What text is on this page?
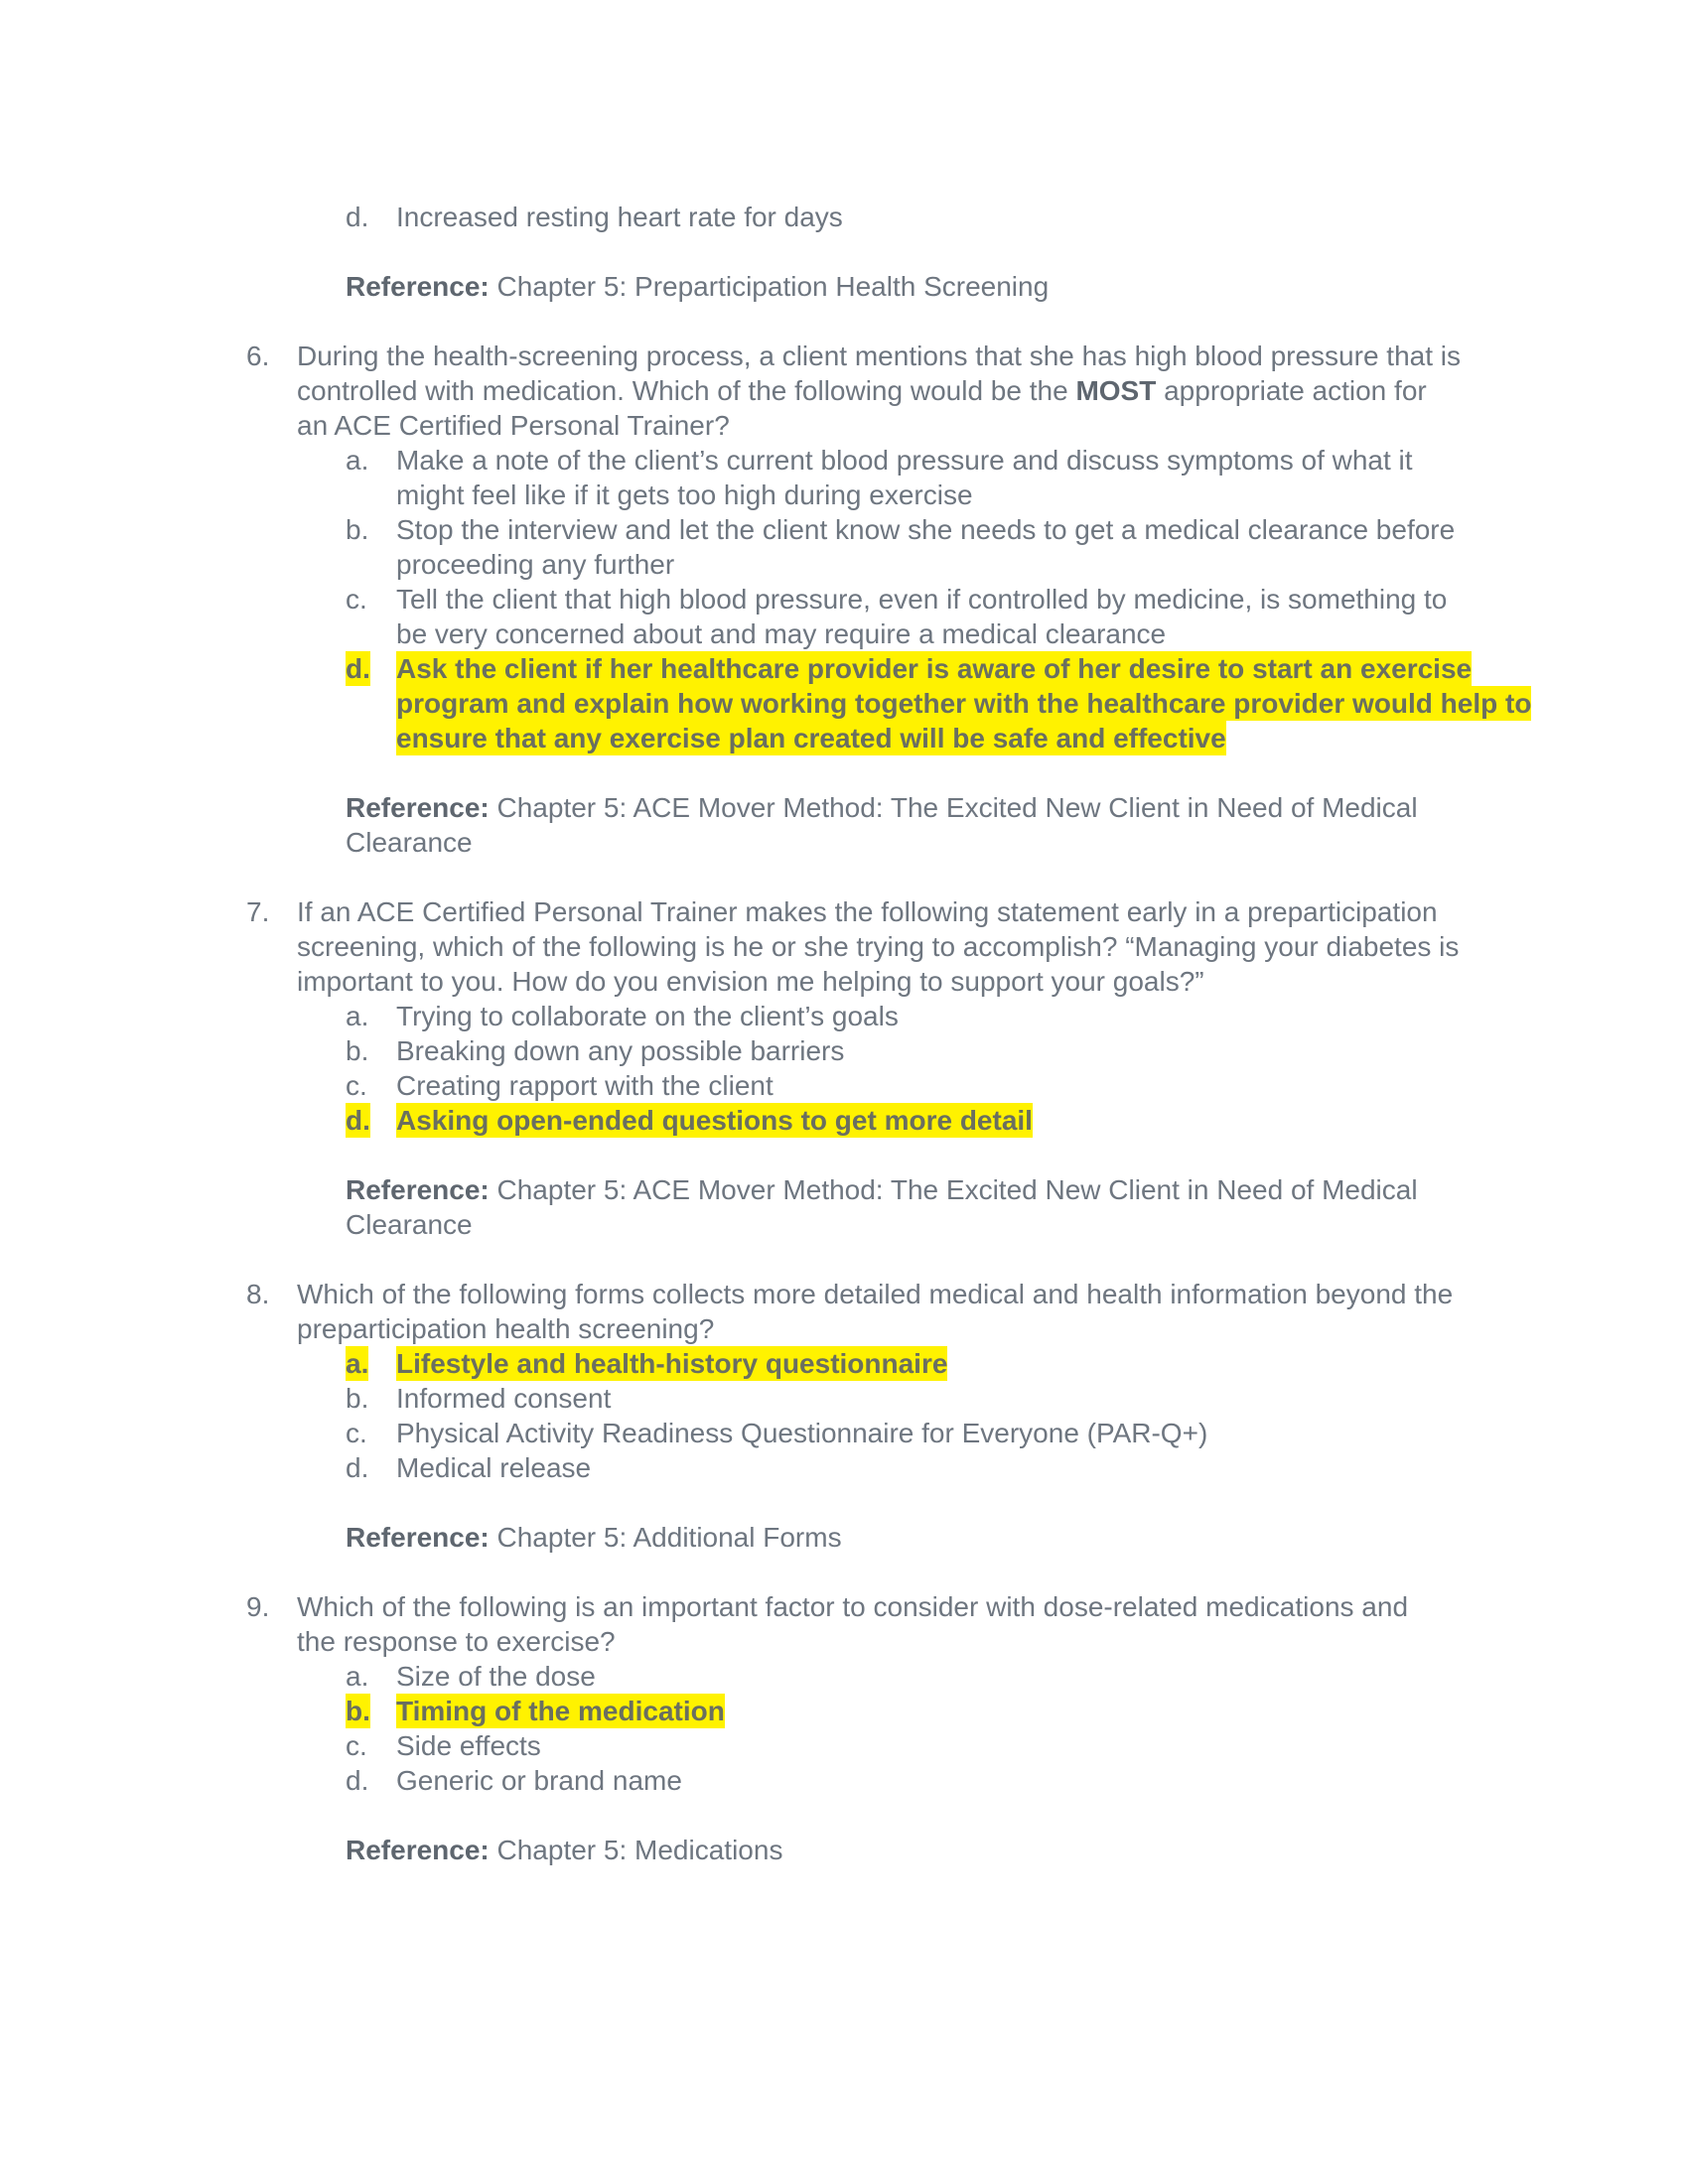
d. Increased resting heart rate for days
Reference: Chapter 5: Preparticipation Health Screening
6. During the health-screening process, a client mentions that she has high blood pressure that is
controlled with medication. Which of the following would be the MOST appropriate action for
an ACE Certified Personal Trainer?
a. Make a note of the client’s current blood pressure and discuss symptoms of what it
might feel like if it gets too high during exercise
b. Stop the interview and let the client know she needs to get a medical clearance before
proceeding any further
c. Tell the client that high blood pressure, even if controlled by medicine, is something to
be very concerned about and may require a medical clearance
d. Ask the client if her healthcare provider is aware of her desire to start an exercise
program and explain how working together with the healthcare provider would help to
ensure that any exercise plan created will be safe and effective
Reference: Chapter 5: ACE Mover Method: The Excited New Client in Need of Medical
Clearance
7. If an ACE Certified Personal Trainer makes the following statement early in a preparticipation
screening, which of the following is he or she trying to accomplish? “Managing your diabetes is
important to you. How do you envision me helping to support your goals?”
a. Trying to collaborate on the client’s goals
b. Breaking down any possible barriers
c. Creating rapport with the client
d. Asking open-ended questions to get more detail
Reference: Chapter 5: ACE Mover Method: The Excited New Client in Need of Medical
Clearance
8. Which of the following forms collects more detailed medical and health information beyond the
preparticipation health screening?
a. Lifestyle and health-history questionnaire
b. Informed consent
c. Physical Activity Readiness Questionnaire for Everyone (PAR-Q+)
d. Medical release
Reference: Chapter 5: Additional Forms
9. Which of the following is an important factor to consider with dose-related medications and
the response to exercise?
a. Size of the dose
b. Timing of the medication
c. Side effects
d. Generic or brand name
Reference: Chapter 5: Medications
